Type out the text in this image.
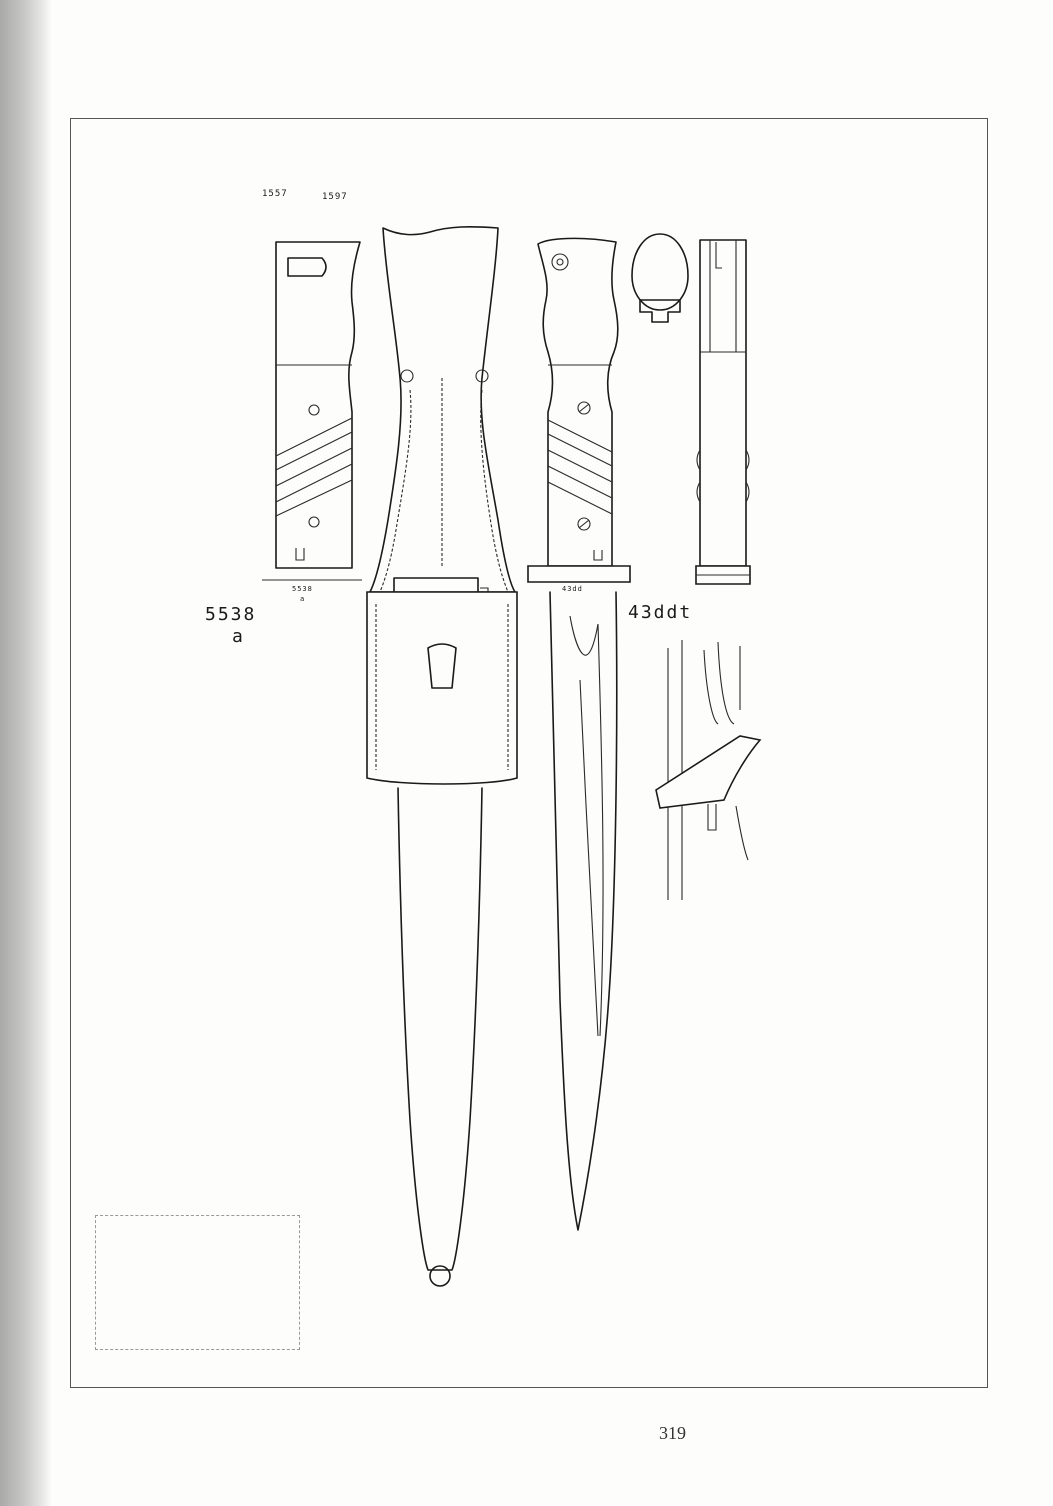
1557	1597
5538
a
5538
a
43dd
43ddt
319
